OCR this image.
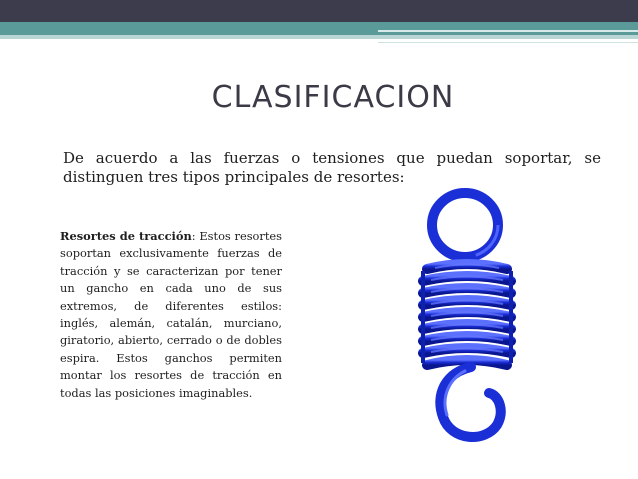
CLASIFICACION
De acuerdo a las fuerzas o tensiones que puedan soportar, se distinguen tres tipos principales de resortes:
Resortes de tracción: Estos resortes soportan exclusivamente fuerzas de tracción y se caracterizan por tener un gancho en cada uno de sus extremos, de diferentes estilos: inglés, alemán, catalán, murciano, giratorio, abierto, cerrado o de dobles espira. Estos ganchos permiten montar los resortes de tracción en todas las posiciones imaginables.
